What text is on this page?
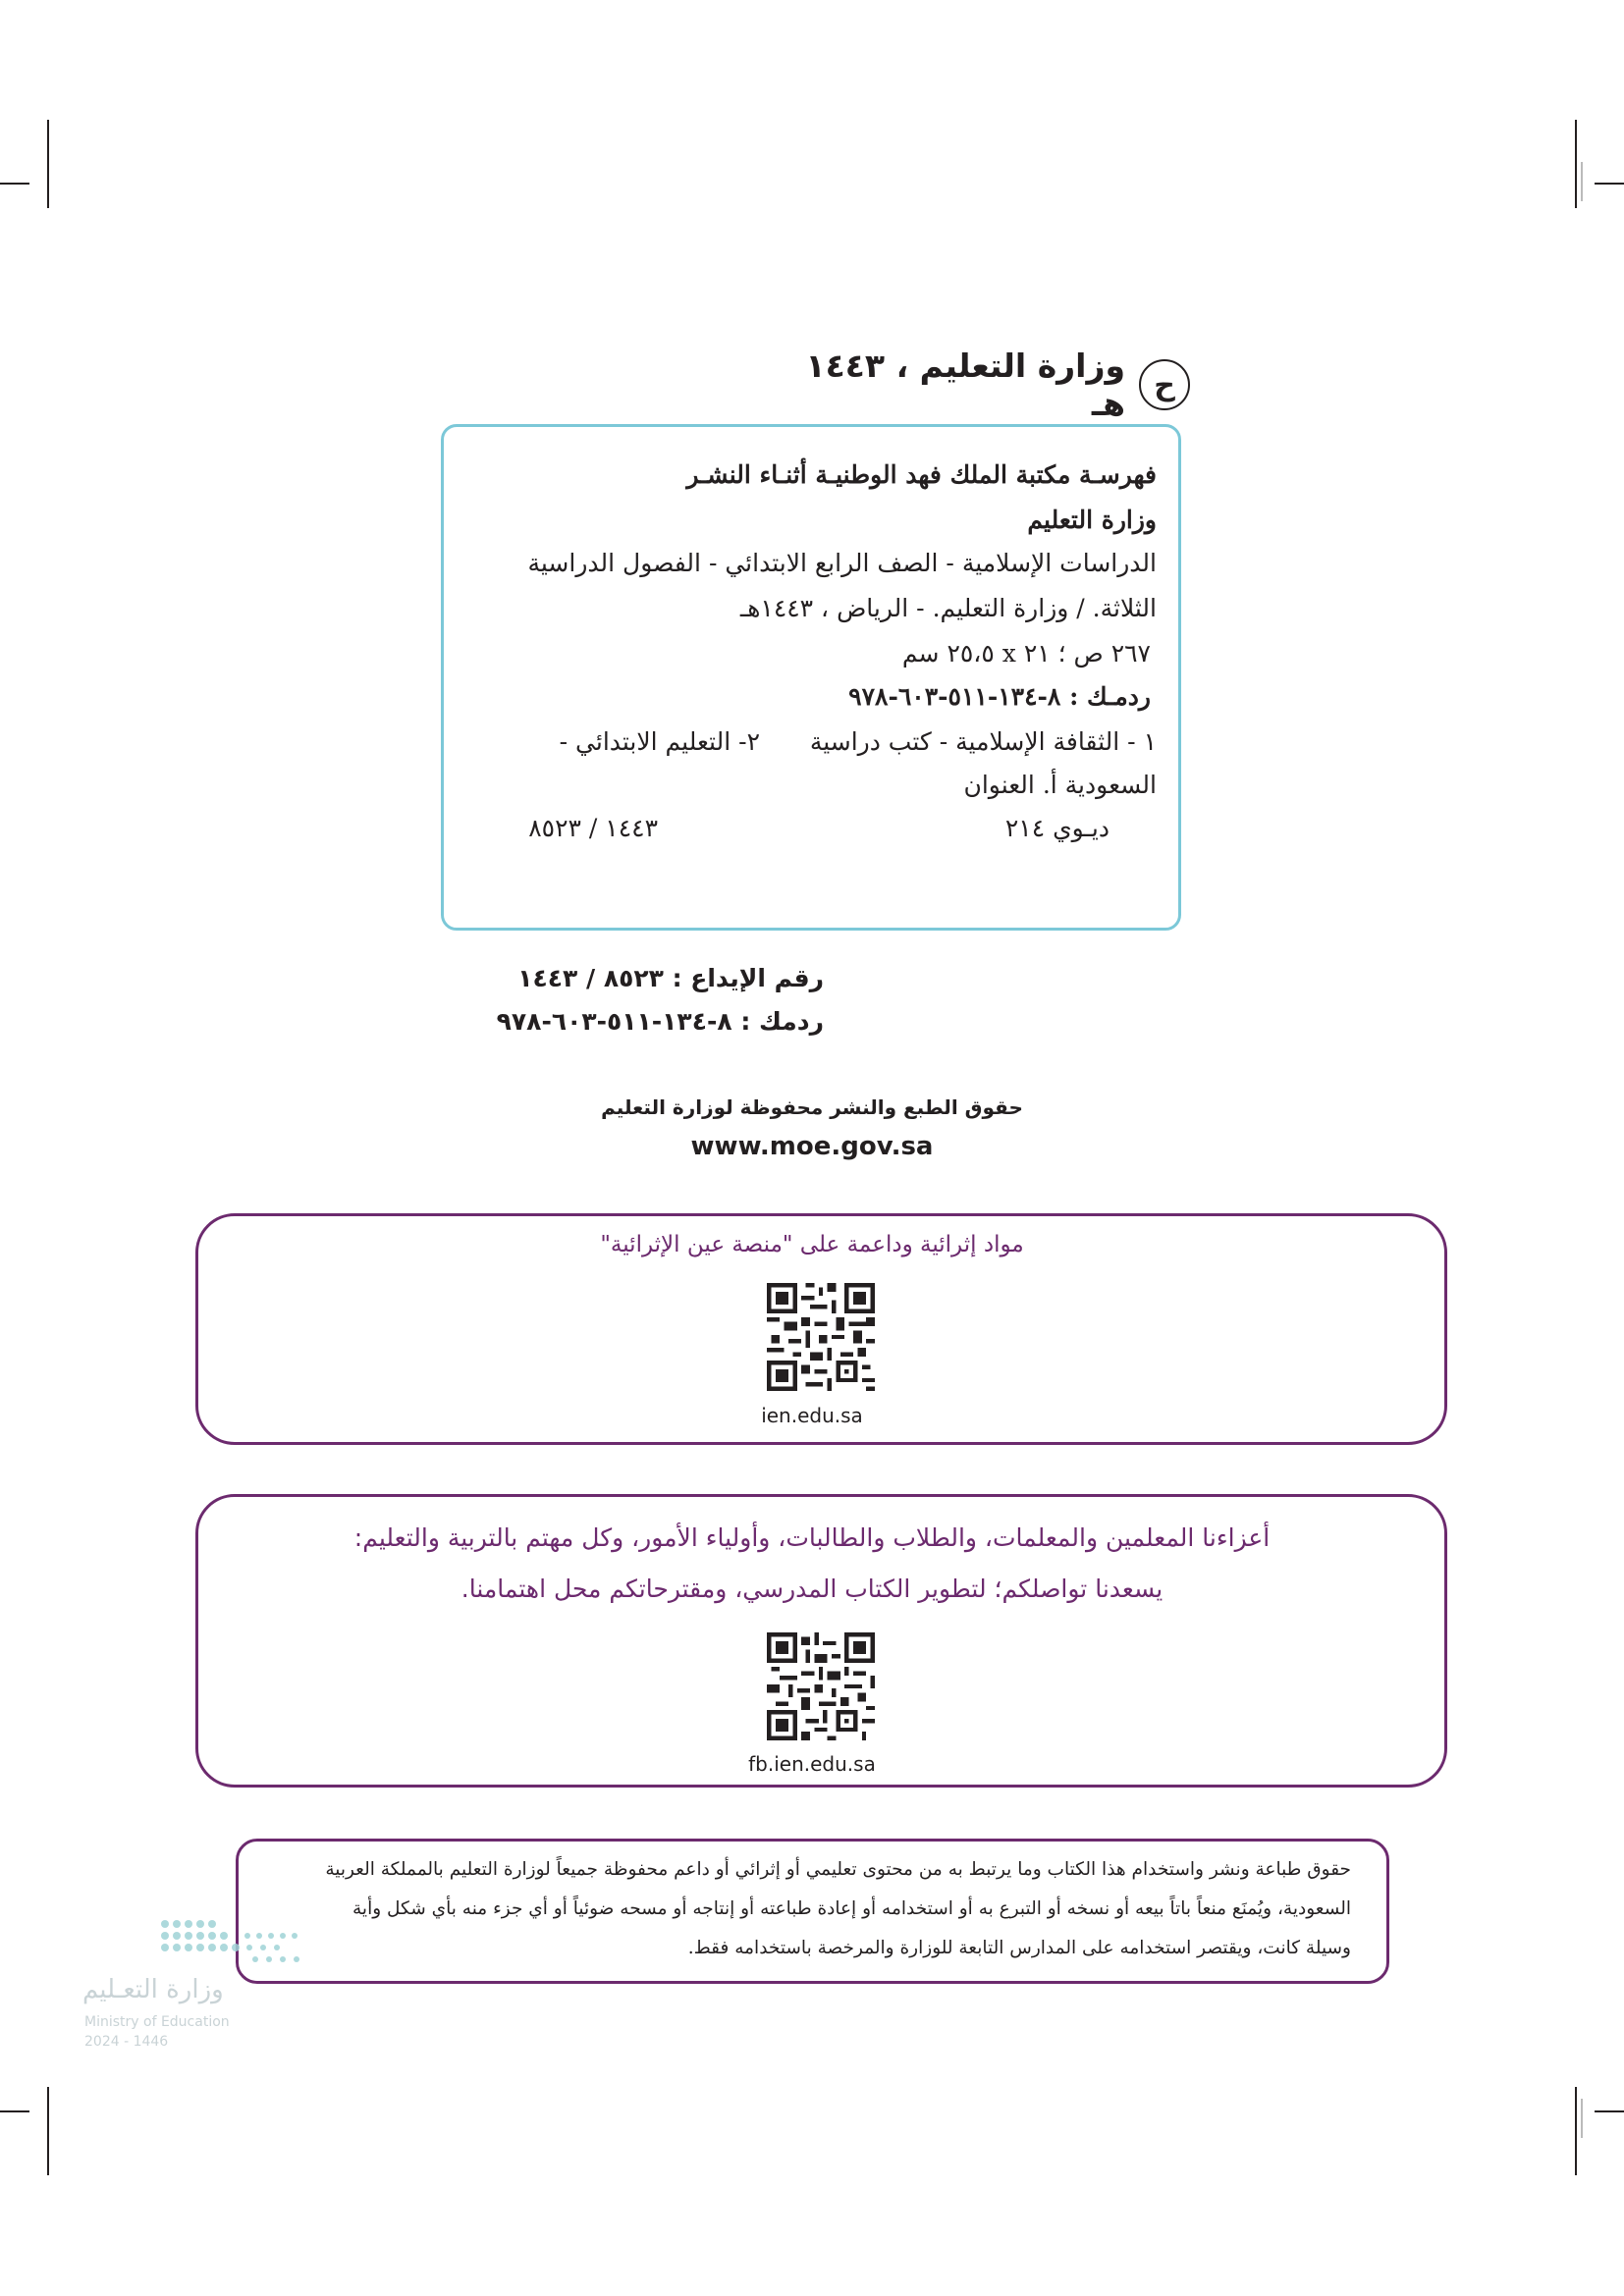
ح
وزارة التعليم ، ١٤٤٣ هـ
فهرسـة مكتبة الملك فهد الوطنيـة أثنـاء النشـر
وزارة التعليم
الدراسات الإسلامية - الصف الرابع الابتدائي - الفصول الدراسية
الثلاثة. / وزارة التعليم. - الرياض ، ١٤٤٣هـ
٢٦٧ ص ؛ ٢١ x ٢٥،٥ سم
ردمـك : ٨-١٣٤-٥١١-٦٠٣-٩٧٨
١ - الثقافة الإسلامية - كتب دراسية
٢- التعليم الابتدائي -
السعودية أ. العنوان
ديـوي ٢١٤
١٤٤٣ / ٨٥٢٣
رقم الإيداع : ٨٥٢٣ / ١٤٤٣
ردمك : ٨-١٣٤-٥١١-٦٠٣-٩٧٨
حقوق الطبع والنشر محفوظة لوزارة التعليم
www.moe.gov.sa
مواد إثرائية وداعمة على "منصة عين الإثرائية"
ien.edu.sa
أعزاءنا المعلمين والمعلمات، والطلاب والطالبات، وأولياء الأمور، وكل مهتم بالتربية والتعليم:
يسعدنا تواصلكم؛ لتطوير الكتاب المدرسي، ومقترحاتكم محل اهتمامنا.
fb.ien.edu.sa
حقوق طباعة ونشر واستخدام هذا الكتاب وما يرتبط به من محتوى تعليمي أو إثرائي أو داعم محفوظة جميعاً لوزارة التعليم بالمملكة العربية
السعودية، ويُمنَع منعاً باتاً بيعه أو نسخه أو التبرع به أو استخدامه أو إعادة طباعته أو إنتاجه أو مسحه ضوئياً أو أي جزء منه بأي شكل وأية
وسيلة كانت، ويقتصر استخدامه على المدارس التابعة للوزارة والمرخصة باستخدامه فقط.
وزارة التعـليم
Ministry of Education
2024 - 1446
